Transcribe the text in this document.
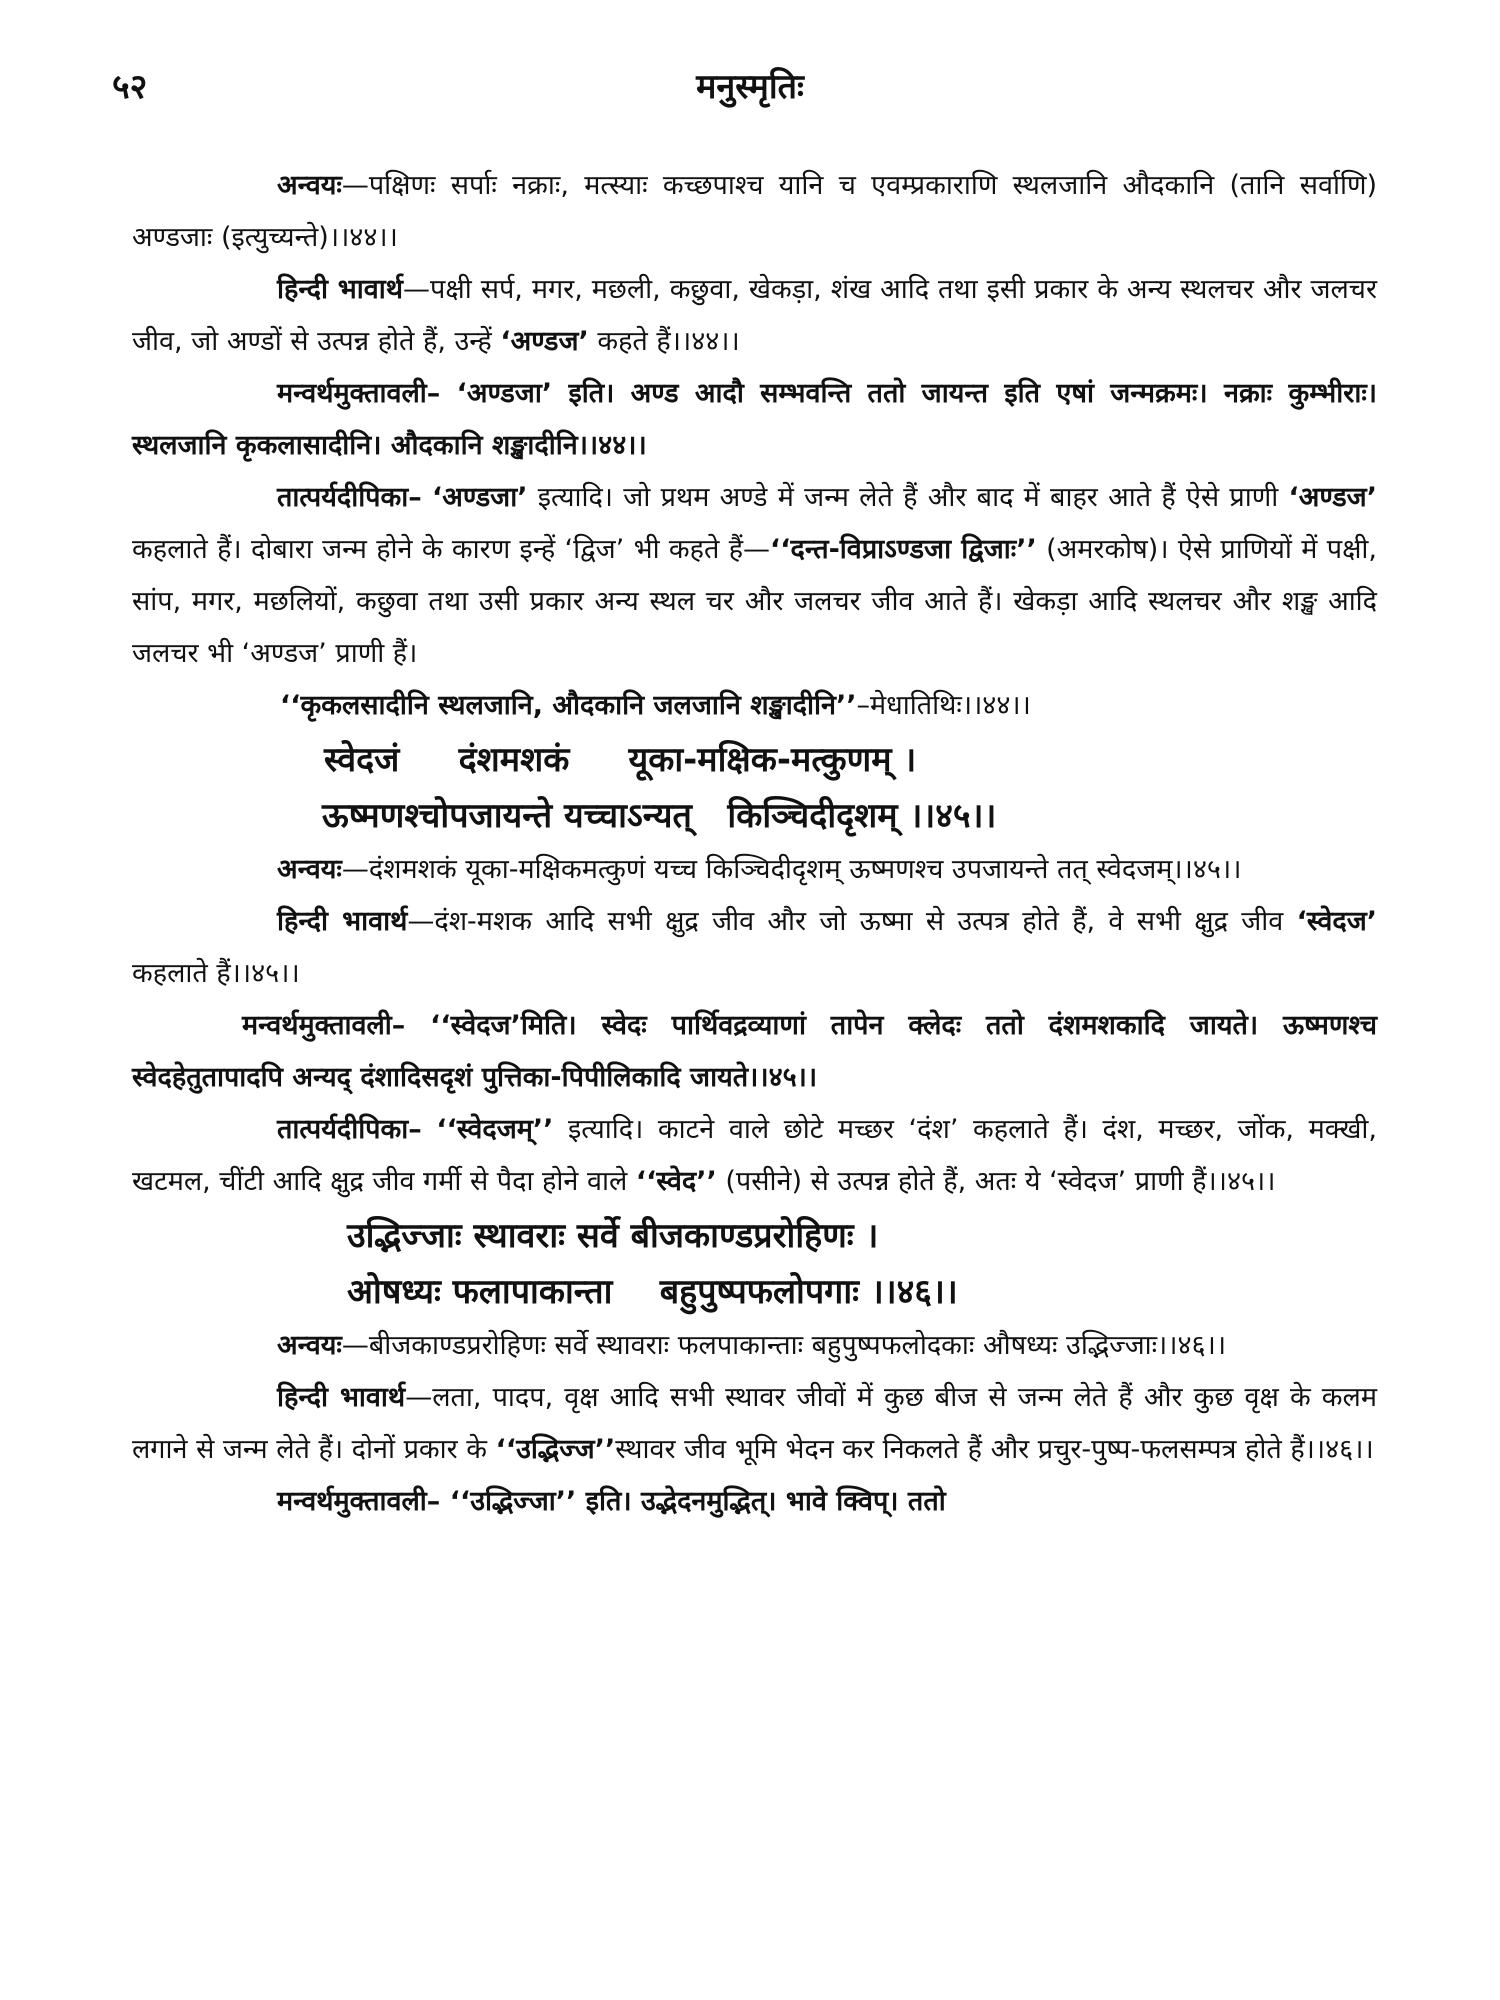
५२	मनुस्मृतिः

अन्वयः—पक्षिणः सर्पाः नक्राः, मत्स्याः कच्छपाश्च यानि च एवम्प्रकाराणि स्थलजानि औदकानि (तानि सर्वाणि) अण्डजाः (इत्युच्यन्ते)।।४४।।

हिन्दी भावार्थ—पक्षी सर्प, मगर, मछली, कछुवा, खेकड़ा, शंख आदि तथा इसी प्रकार के अन्य स्थलचर और जलचर जीव, जो अण्डों से उत्पन्न होते हैं, उन्हें ‘अण्डज’ कहते हैं।।४४।।

मन्वर्थमुक्तावली– ‘अण्डजा’ इति। अण्ड आदौ सम्भवन्ति ततो जायन्त इति एषां जन्मक्रमः। नक्राः कुम्भीराः। स्थलजानि कृकलासादीनि। औदकानि शङ्खादीनि।।४४।।

तात्पर्यदीपिका– ‘अण्डजा’ इत्यादि। जो प्रथम अण्डे में जन्म लेते हैं और बाद में बाहर आते हैं ऐसे प्राणी ‘अण्डज’ कहलाते हैं। दोबारा जन्म होने के कारण इन्हें ‘द्विज’ भी कहते हैं—‘‘दन्त-विप्राऽण्डजा द्विजाः’’ (अमरकोष)। ऐसे प्राणियों में पक्षी, सांप, मगर, मछलियों, कछुवा तथा उसी प्रकार अन्य स्थल चर और जलचर जीव आते हैं। खेकड़ा आदि स्थलचर और शङ्ख आदि जलचर भी ‘अण्डज’ प्राणी हैं।

‘‘कृकलसादीनि स्थलजानि, औदकानि जलजानि शङ्खादीनि’’–मेधातिथिः।।४४।।

स्वेदजं     दंशमशकं     यूका-मक्षिक-मत्कुणम् ।

ऊष्मणश्चोपजायन्ते यच्चाऽन्यत्   किञ्चिदीदृशम् ।।४५।।

अन्वयः—दंशमशकं यूका-मक्षिकमत्कुणं यच्च किञ्चिदीदृशम् ऊष्मणश्च उपजायन्ते तत् स्वेदजम्।।४५।।

हिन्दी भावार्थ—दंश-मशक आदि सभी क्षुद्र जीव और जो ऊष्मा से उत्पत्र होते हैं, वे सभी क्षुद्र जीव ‘स्वेदज’ कहलाते हैं।।४५।।

मन्वर्थमुक्तावली– ‘‘स्वेदज’मिति। स्वेदः पार्थिवद्रव्याणां तापेन क्लेदः ततो दंशमशकादि जायते। ऊष्मणश्च स्वेदहेतुतापादपि अन्यद् दंशादिसदृशं पुत्तिका-पिपीलिकादि जायते।।४५।।

तात्पर्यदीपिका– ‘‘स्वेदजम्’’ इत्यादि। काटने वाले छोटे मच्छर ‘दंश’ कहलाते हैं। दंश, मच्छर, जोंक, मक्खी, खटमल, चींटी आदि क्षुद्र जीव गर्मी से पैदा होने वाले ‘‘स्वेद’’ (पसीने) से उत्पन्न होते हैं, अतः ये ‘स्वेदज’ प्राणी हैं।।४५।।

उद्भिज्जाः स्थावराः सर्वे बीजकाण्डप्ररोहिणः ।

ओषध्यः फलापाकान्ता    बहुपुष्पफलोपगाः ।।४६।।

अन्वयः—बीजकाण्डप्ररोहिणः सर्वे स्थावराः फलपाकान्ताः बहुपुष्पफलोदकाः औषध्यः उद्भिज्जाः।।४६।।

हिन्दी भावार्थ—लता, पादप, वृक्ष आदि सभी स्थावर जीवों में कुछ बीज से जन्म लेते हैं और कुछ वृक्ष के कलम लगाने से जन्म लेते हैं। दोनों प्रकार के ‘‘उद्भिज्ज’’स्थावर जीव भूमि भेदन कर निकलते हैं और प्रचुर-पुष्प-फलसम्पत्र होते हैं।।४६।।

मन्वर्थमुक्तावली– ‘‘उद्भिज्जा’’ इति। उद्भेदनमुद्भित्। भावे क्विप्। ततो
